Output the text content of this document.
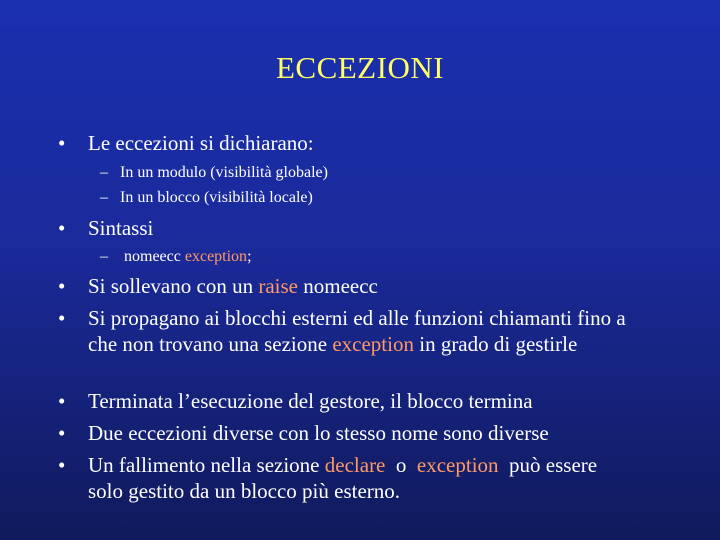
ECCEZIONI
•	Le eccezioni si dichiarano:
– In un modulo (visibilità globale)
– In un blocco (visibilità locale)
•	Sintassi
– nomeecc exception;
•	Si sollevano con un raise nomeecc
•	Si propagano ai blocchi esterni ed alle funzioni chiamanti fino a che non trovano una sezione exception in grado di gestirle
•	Terminata l’esecuzione del gestore, il blocco termina
•	Due eccezioni diverse con lo stesso nome sono diverse
•	Un fallimento nella sezione declare  o  exception  può essere solo gestito da un blocco più esterno.
